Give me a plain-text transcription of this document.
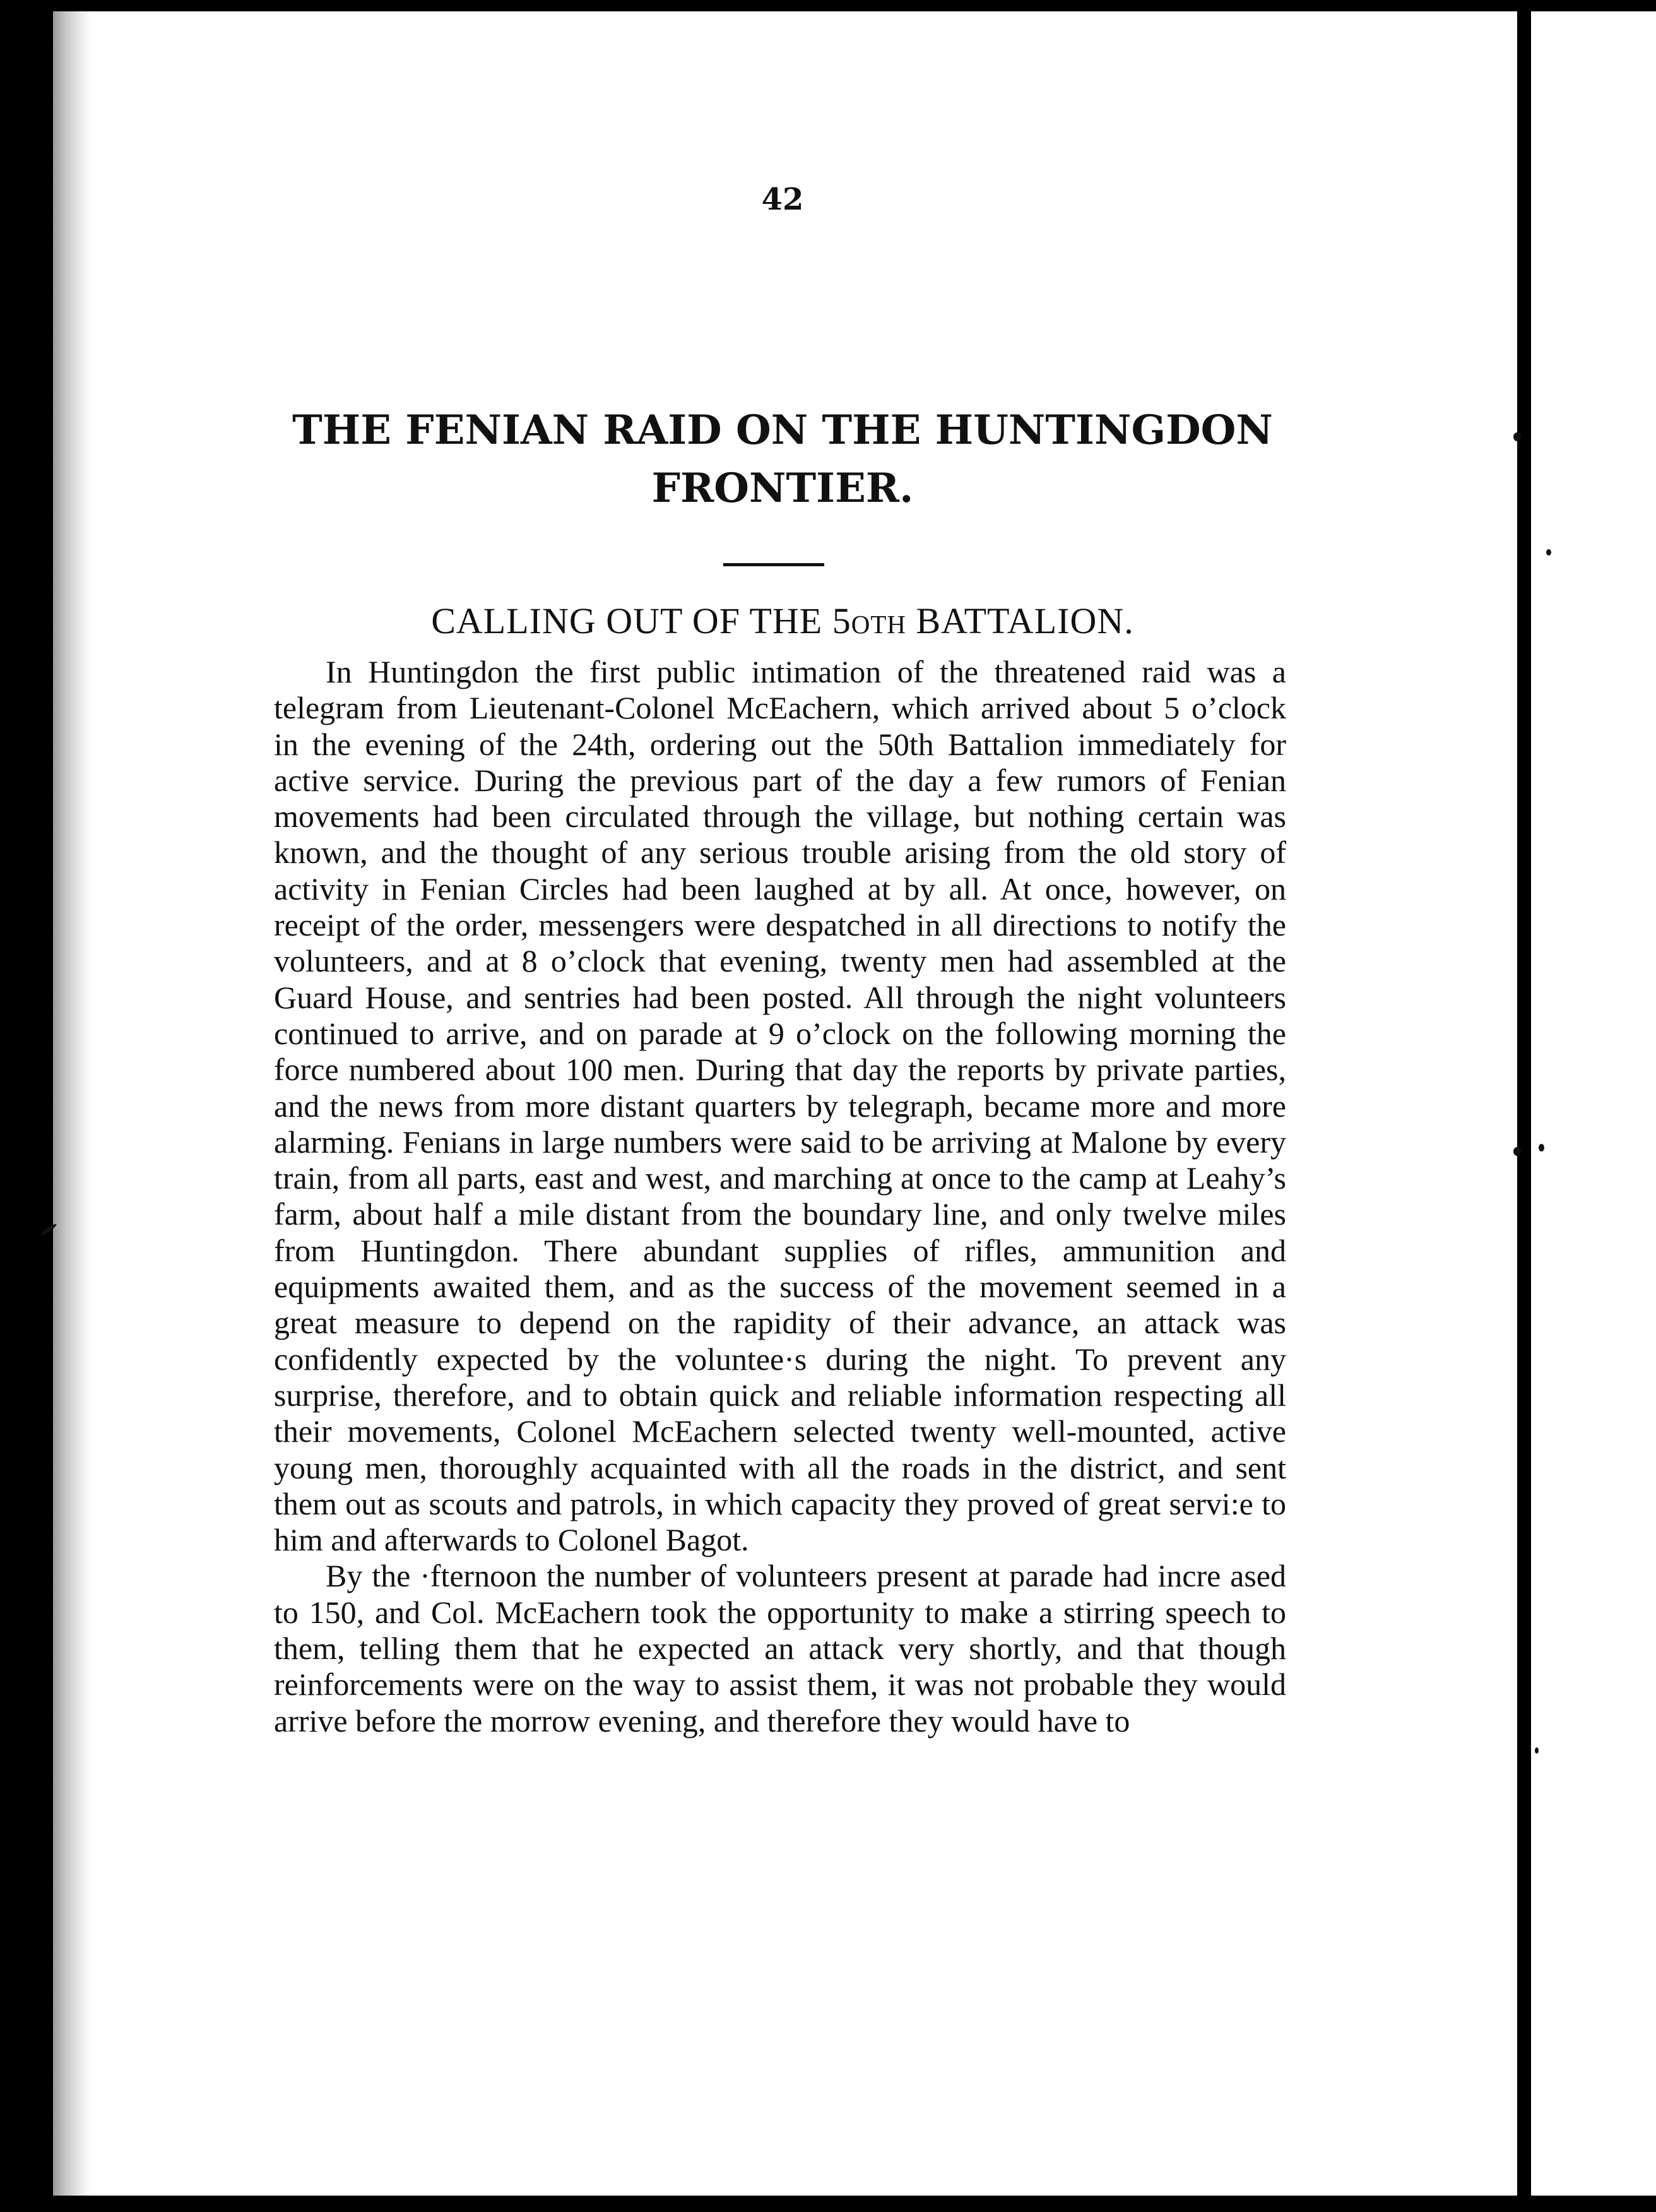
42
THE FENIAN RAID ON THE HUNTINGDON
FRONTIER.
CALLING OUT OF THE 5oth BATTALION.

In Huntingdon the first public intimation of the threatened raid was a telegram from Lieutenant-Colonel McEachern, which arrived about 5 o’clock in the evening of the 24th, ordering out the 50th Battalion immediately for active service. During the previous part of the day a few rumors of Fenian movements had been circulated through the village, but nothing certain was known, and the thought of any serious trouble arising from the old story of activity in Fenian Circles had been laughed at by all. At once, however, on receipt of the order, messengers were despatched in all directions to notify the volunteers, and at 8 o’clock that evening, twenty men had assembled at the Guard House, and sentries had been posted. All through the night volunteers continued to arrive, and on parade at 9 o’clock on the following morning the force numbered about 100 men. During that day the reports by private parties, and the news from more distant quarters by telegraph, became more and more alarming. Fenians in large numbers were said to be arriving at Malone by every train, from all parts, east and west, and marching at once to the camp at Leahy’s farm, about half a mile distant from the boundary line, and only twelve miles from Huntingdon. There abundant supplies of rifles, ammunition and equipments awaited them, and as the success of the movement seemed in a great measure to depend on the rapidity of their advance, an attack was confidently expected by the voluntee·s during the night. To prevent any surprise, therefore, and to obtain quick and reliable information respecting all their movements, Colonel McEachern selected twenty well-mounted, active young men, thoroughly acquainted with all the roads in the district, and sent them out as scouts and patrols, in which capacity they proved of great servi:e to him and afterwards to Colonel Bagot.

By the ·fternoon the number of volunteers present at parade had incre ased to 150, and Col. McEachern took the opportunity to make a stirring speech to them, telling them that he expected an attack very shortly, and that though reinforcements were on the way to assist them, it was not probable they would arrive before the morrow evening, and therefore they would have to
